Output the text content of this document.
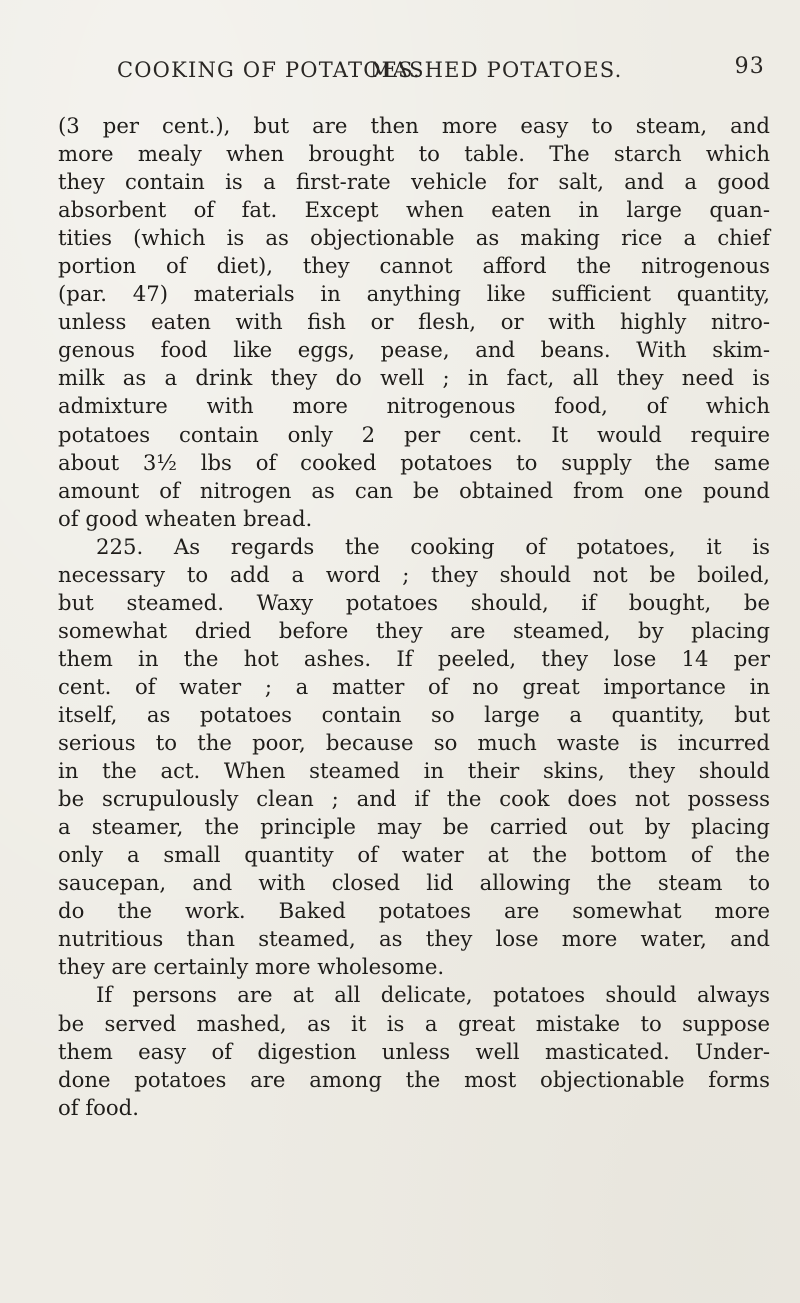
COOKING OF POTATOES.
MASHED POTATOES.	93
(3 per cent.), but are then more easy to steam, and
more mealy when brought to table. The starch which
they contain is a first-rate vehicle for salt, and a good
absorbent of fat. Except when eaten in large quan-
tities (which is as objectionable as making rice a chief
portion of diet), they cannot afford the nitrogenous
(par. 47) materials in anything like sufficient quantity,
unless eaten with fish or flesh, or with highly nitro-
genous food like eggs, pease, and beans. With skim-
milk as a drink they do well ; in fact, all they need is
admixture with more nitrogenous food, of which
potatoes contain only 2 per cent. It would require
about 3½ lbs of cooked potatoes to supply the same
amount of nitrogen as can be obtained from one pound
of good wheaten bread.
225. As regards the cooking of potatoes, it is
necessary to add a word ; they should not be boiled,
but steamed. Waxy potatoes should, if bought, be
somewhat dried before they are steamed, by placing
them in the hot ashes. If peeled, they lose 14 per
cent. of water ; a matter of no great importance in
itself, as potatoes contain so large a quantity, but
serious to the poor, because so much waste is incurred
in the act. When steamed in their skins, they should
be scrupulously clean ; and if the cook does not possess
a steamer, the principle may be carried out by placing
only a small quantity of water at the bottom of the
saucepan, and with closed lid allowing the steam to
do the work. Baked potatoes are somewhat more
nutritious than steamed, as they lose more water, and
they are certainly more wholesome.
If persons are at all delicate, potatoes should always
be served mashed, as it is a great mistake to suppose
them easy of digestion unless well masticated. Under-
done potatoes are among the most objectionable forms
of food.
